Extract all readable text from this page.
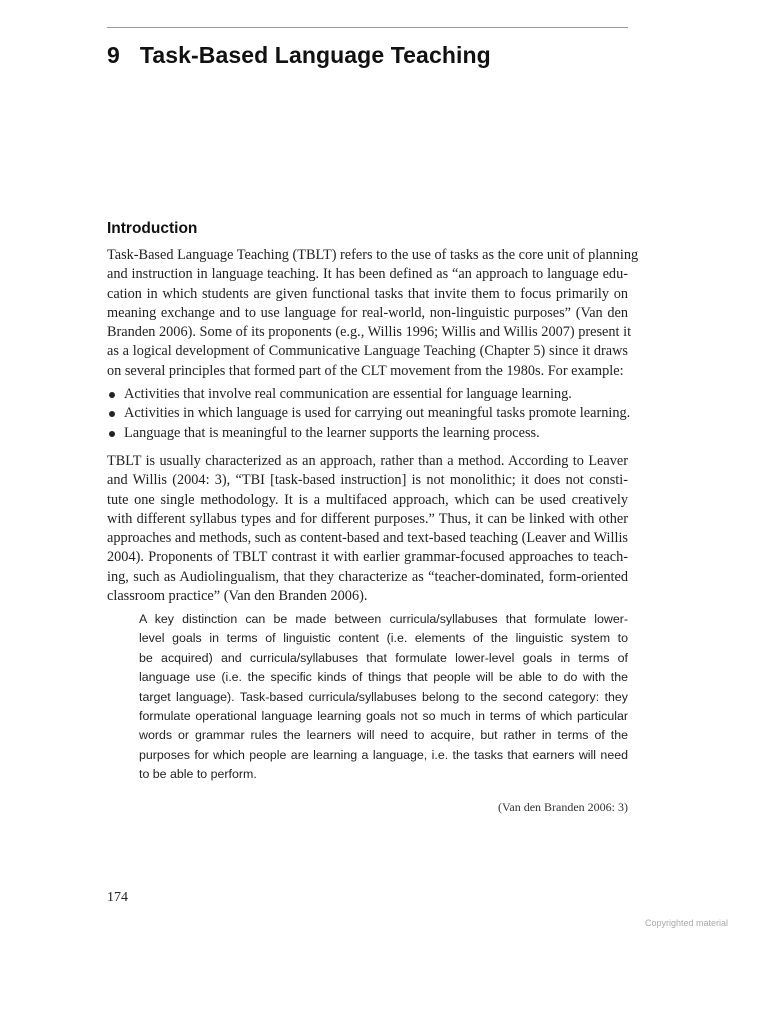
9 Task-Based Language Teaching
Introduction
Task-Based Language Teaching (TBLT) refers to the use of tasks as the core unit of planning
and instruction in language teaching. It has been defined as “an approach to language edu-
cation in which students are given functional tasks that invite them to focus primarily on
meaning exchange and to use language for real-world, non-linguistic purposes” (Van den
Branden 2006). Some of its proponents (e.g., Willis 1996; Willis and Willis 2007) present it
as a logical development of Communicative Language Teaching (Chapter 5) since it draws
on several principles that formed part of the CLT movement from the 1980s. For example:
Activities that involve real communication are essential for language learning.
Activities in which language is used for carrying out meaningful tasks promote learning.
Language that is meaningful to the learner supports the learning process.
TBLT is usually characterized as an approach, rather than a method. According to Leaver
and Willis (2004: 3), “TBI [task-based instruction] is not monolithic; it does not consti-
tute one single methodology. It is a multifaced approach, which can be used creatively
with different syllabus types and for different purposes.” Thus, it can be linked with other
approaches and methods, such as content-based and text-based teaching (Leaver and Willis
2004). Proponents of TBLT contrast it with earlier grammar-focused approaches to teach-
ing, such as Audiolingualism, that they characterize as “teacher-dominated, form-oriented
classroom practice” (Van den Branden 2006).
A key distinction can be made between curricula/syllabuses that formulate lower-
level goals in terms of linguistic content (i.e. elements of the linguistic system to
be acquired) and curricula/syllabuses that formulate lower-level goals in terms of
language use (i.e. the specific kinds of things that people will be able to do with the
target language). Task-based curricula/syllabuses belong to the second category: they
formulate operational language learning goals not so much in terms of which particular
words or grammar rules the learners will need to acquire, but rather in terms of the
purposes for which people are learning a language, i.e. the tasks that earners will need
to be able to perform.
(Van den Branden 2006: 3)
174
Copyrighted material
